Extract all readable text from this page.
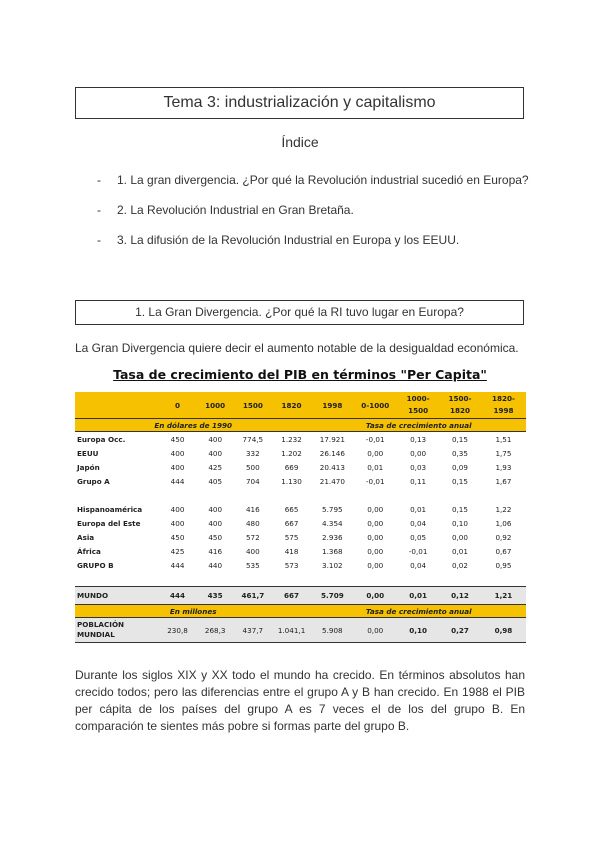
Tema 3: industrialización y capitalismo
Índice
- 1. La gran divergencia. ¿Por qué la Revolución industrial sucedió en Europa?
- 2. La Revolución Industrial en Gran Bretaña.
- 3. La difusión de la Revolución Industrial en Europa y los EEUU.
1. La Gran Divergencia. ¿Por qué la RI tuvo lugar en Europa?
La Gran Divergencia quiere decir el aumento notable de la desigualdad económica.
Tasa de crecimiento del PIB en términos "Per Capita"
	0	1000	1500	1820	1998	0-1000	1000-1500	1500-1820	1820-1998
En dólares de 1990					Tasa de crecimiento anual				
Europa Occ.	450	400	774,5	1.232	17.921	-0,01	0,13	0,15	1,51
EEUU	400	400	332	1.202	26.146	0,00	0,00	0,35	1,75
Japón	400	425	500	669	20.413	0,01	0,03	0,09	1,93
Grupo A	444	405	704	1.130	21.470	-0,01	0,11	0,15	1,67

Hispanoamérica	400	400	416	665	5.795	0,00	0,01	0,15	1,22
Europa del Este	400	400	480	667	4.354	0,00	0,04	0,10	1,06
Asia	450	450	572	575	2.936	0,00	0,05	0,00	0,92
África	425	416	400	418	1.368	0,00	-0,01	0,01	0,67
GRUPO B	444	440	535	573	3.102	0,00	0,04	0,02	0,95

MUNDO	444	435	461,7	667	5.709	0,00	0,01	0,12	1,21
En millones					Tasa de crecimiento anual				
POBLACIÓN MUNDIAL	230,8	268,3	437,7	1.041,1	5.908	0,00	0,10	0,27	0,98

Durante los siglos XIX y XX todo el mundo ha crecido. En términos absolutos han crecido todos; pero las diferencias entre el grupo A y B han crecido. En 1988 el PIB per cápita de los países del grupo A es 7 veces el de los del grupo B. En comparación te sientes más pobre si formas parte del grupo B.
